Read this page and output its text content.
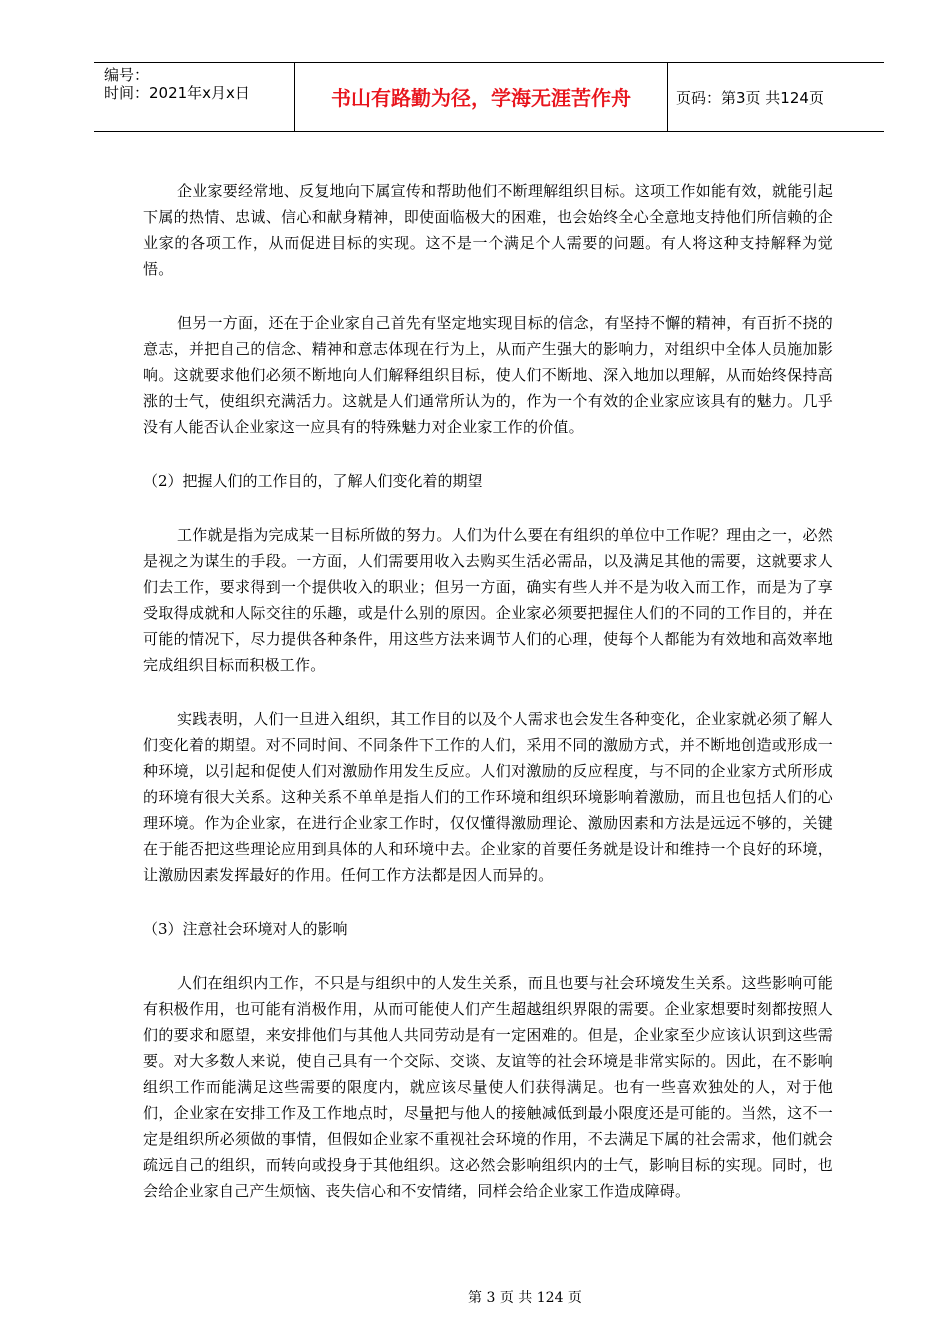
编号：
时间：2021年x月x日	书山有路勤为径，学海无涯苦作舟	页码：第3页 共124页

企业家要经常地、反复地向下属宣传和帮助他们不断理解组织目标。这项工作如能有效，就能引起下属的热情、忠诚、信心和献身精神，即使面临极大的困难，也会始终全心全意地支持他们所信赖的企业家的各项工作，从而促进目标的实现。这不是一个满足个人需要的问题。有人将这种支持解释为觉悟。

但另一方面，还在于企业家自己首先有坚定地实现目标的信念，有坚持不懈的精神，有百折不挠的意志，并把自己的信念、精神和意志体现在行为上，从而产生强大的影响力，对组织中全体人员施加影响。这就要求他们必须不断地向人们解释组织目标，使人们不断地、深入地加以理解，从而始终保持高涨的士气，使组织充满活力。这就是人们通常所认为的，作为一个有效的企业家应该具有的魅力。几乎没有人能否认企业家这一应具有的特殊魅力对企业家工作的价值。

（2）把握人们的工作目的，了解人们变化着的期望

工作就是指为完成某一目标所做的努力。人们为什么要在有组织的单位中工作呢？理由之一，必然是视之为谋生的手段。一方面，人们需要用收入去购买生活必需品，以及满足其他的需要，这就要求人们去工作，要求得到一个提供收入的职业；但另一方面，确实有些人并不是为收入而工作，而是为了享受取得成就和人际交往的乐趣，或是什么别的原因。企业家必须要把握住人们的不同的工作目的，并在可能的情况下，尽力提供各种条件，用这些方法来调节人们的心理，使每个人都能为有效地和高效率地完成组织目标而积极工作。

实践表明，人们一旦进入组织，其工作目的以及个人需求也会发生各种变化，企业家就必须了解人们变化着的期望。对不同时间、不同条件下工作的人们，采用不同的激励方式，并不断地创造或形成一种环境，以引起和促使人们对激励作用发生反应。人们对激励的反应程度，与不同的企业家方式所形成的环境有很大关系。这种关系不单单是指人们的工作环境和组织环境影响着激励，而且也包括人们的心理环境。作为企业家，在进行企业家工作时，仅仅懂得激励理论、激励因素和方法是远远不够的，关键在于能否把这些理论应用到具体的人和环境中去。企业家的首要任务就是设计和维持一个良好的环境，让激励因素发挥最好的作用。任何工作方法都是因人而异的。

（3）注意社会环境对人的影响

人们在组织内工作，不只是与组织中的人发生关系，而且也要与社会环境发生关系。这些影响可能有积极作用，也可能有消极作用，从而可能使人们产生超越组织界限的需要。企业家想要时刻都按照人们的要求和愿望，来安排他们与其他人共同劳动是有一定困难的。但是，企业家至少应该认识到这些需要。对大多数人来说，使自己具有一个交际、交谈、友谊等的社会环境是非常实际的。因此，在不影响组织工作而能满足这些需要的限度内，就应该尽量使人们获得满足。也有一些喜欢独处的人，对于他们，企业家在安排工作及工作地点时，尽量把与他人的接触减低到最小限度还是可能的。当然，这不一定是组织所必须做的事情，但假如企业家不重视社会环境的作用，不去满足下属的社会需求，他们就会疏远自己的组织，而转向或投身于其他组织。这必然会影响组织内的士气，影响目标的实现。同时，也会给企业家自己产生烦恼、丧失信心和不安情绪，同样会给企业家工作造成障碍。

第 3 页 共 124 页
